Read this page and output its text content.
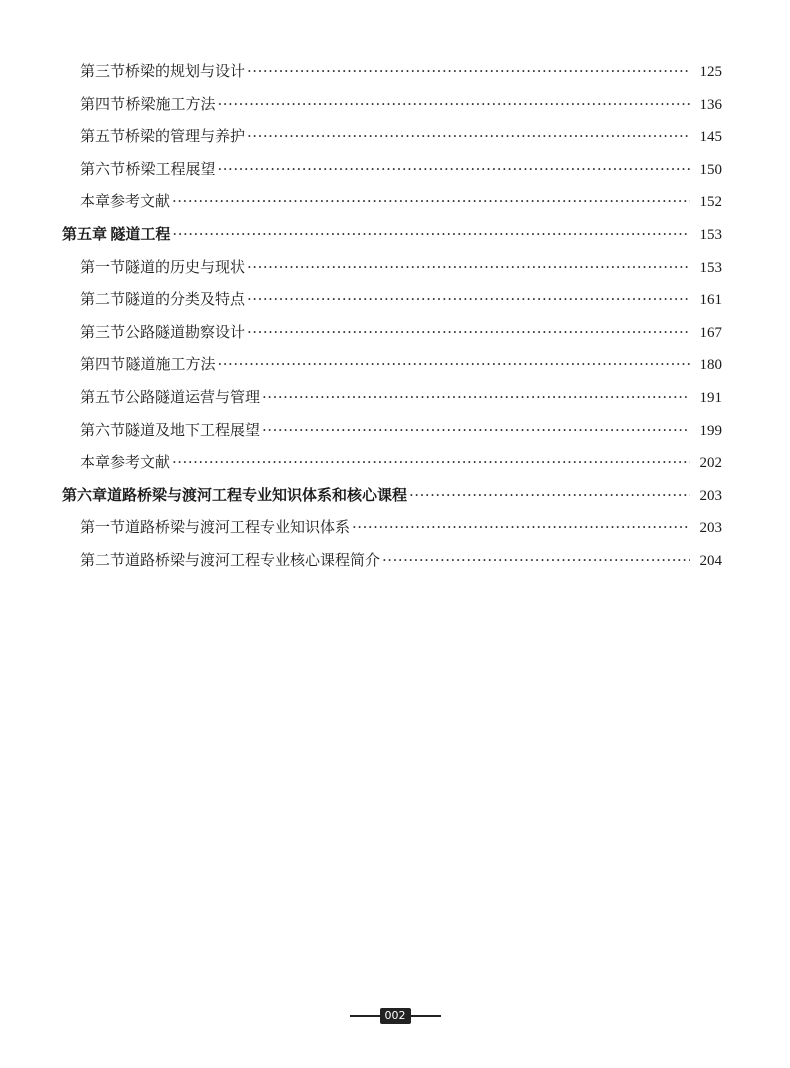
第三节 桥梁的规划与设计 ·····	125
第四节 桥梁施工方法 ·····	136
第五节 桥梁的管理与养护 ·····	145
第六节 桥梁工程展望 ·····	150
本章参考文献 ·····	152
第五章 隧道工程 ·····	153
第一节 隧道的历史与现状 ·····	153
第二节 隧道的分类及特点 ·····	161
第三节 公路隧道勘察设计 ·····	167
第四节 隧道施工方法 ·····	180
第五节 公路隧道运营与管理 ·····	191
第六节 隧道及地下工程展望 ·····	199
本章参考文献 ·····	202
第六章 道路桥梁与渡河工程专业知识体系和核心课程 ·····	203
第一节 道路桥梁与渡河工程专业知识体系 ·····	203
第二节 道路桥梁与渡河工程专业核心课程简介 ·····	204
002
